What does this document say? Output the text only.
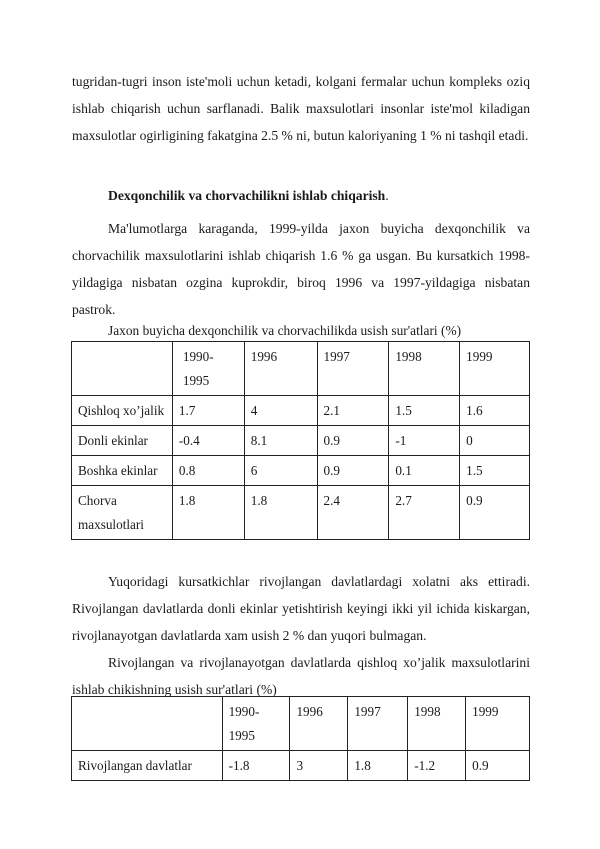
tugridan-tugri inson iste'moli uchun ketadi, kolgani fermalar uchun kompleks oziq ishlab chiqarish uchun sarflanadi. Balik maxsulotlari insonlar iste'mol kiladigan maxsulotlar ogirligining fakatgina 2.5 % ni, butun kaloriyaning 1 % ni tashqil etadi.

Dexqonchilik va chorvachilikni ishlab chiqarish.

Ma'lumotlarga karaganda, 1999-yilda jaxon buyicha dexqonchilik va chorvachilik maxsulotlarini ishlab chiqarish 1.6 % ga usgan. Bu kursatkich 1998-yildagiga nisbatan ozgina kuprokdir, biroq 1996 va 1997-yildagiga nisbatan pastrok.

Jaxon buyicha dexqonchilik va chorvachilikda usish sur'atlari (%)

	1990-1995	1996	1997	1998	1999
Qishloq xo’jalik	1.7	4	2.1	1.5	1.6
Donli ekinlar	-0.4	8.1	0.9	-1	0
Boshka ekinlar	0.8	6	0.9	0.1	1.5
Chorva maxsulotlari	1.8	1.8	2.4	2.7	0.9

Yuqoridagi kursatkichlar rivojlangan davlatlardagi xolatni aks ettiradi. Rivojlangan davlatlarda donli ekinlar yetishtirish keyingi ikki yil ichida kiskargan, rivojlanayotgan davlatlarda xam usish 2 % dan yuqori bulmagan.

Rivojlangan va rivojlanayotgan davlatlarda qishloq xo’jalik maxsulotlarini ishlab chikishning usish sur'atlari (%)

	1990-1995	1996	1997	1998	1999
Rivojlangan davlatlar	-1.8	3	1.8	-1.2	0.9
